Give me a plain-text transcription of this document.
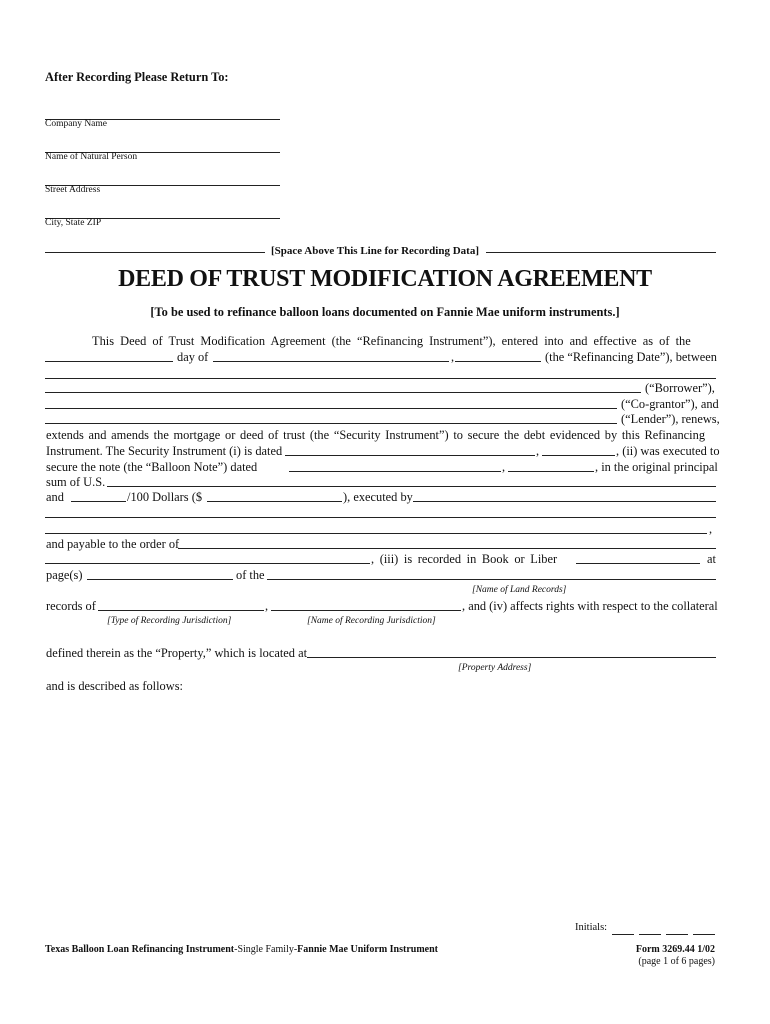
After Recording Please Return To:
Company Name
Name of Natural Person
Street Address
City, State ZIP
[Space Above This Line for Recording Data]
DEED OF TRUST MODIFICATION AGREEMENT
[To be used to refinance balloon loans documented on Fannie Mae uniform instruments.]
This Deed of Trust Modification Agreement (the “Refinancing Instrument”), entered into and effective as of the
day of	,	(the “Refinancing Date”), between
(“Borrower”),
(“Co-grantor”), and
(“Lender”), renews,
extends and amends the mortgage or deed of trust (the “Security Instrument”) to secure the debt evidenced by this Refinancing
Instrument. The Security Instrument (i) is dated	,	, (ii) was executed to
secure the note (the “Balloon Note”) dated	,	, in the original principal
sum of U.S.
and	/100 Dollars ($	), executed by
,
and payable to the order of
, (iii) is recorded in Book or Liber	at
page(s)	of the
[Name of Land Records]
records of	,	, and (iv) affects rights with respect to the collateral
[Type of Recording Jurisdiction]	[Name of Recording Jurisdiction]
defined therein as the “Property,” which is located at
[Property Address]
and is described as follows:
Initials:
Texas Balloon Loan Refinancing Instrument-Single Family-Fannie Mae Uniform Instrument	Form 3269.44 1/02
(page 1 of 6 pages)
